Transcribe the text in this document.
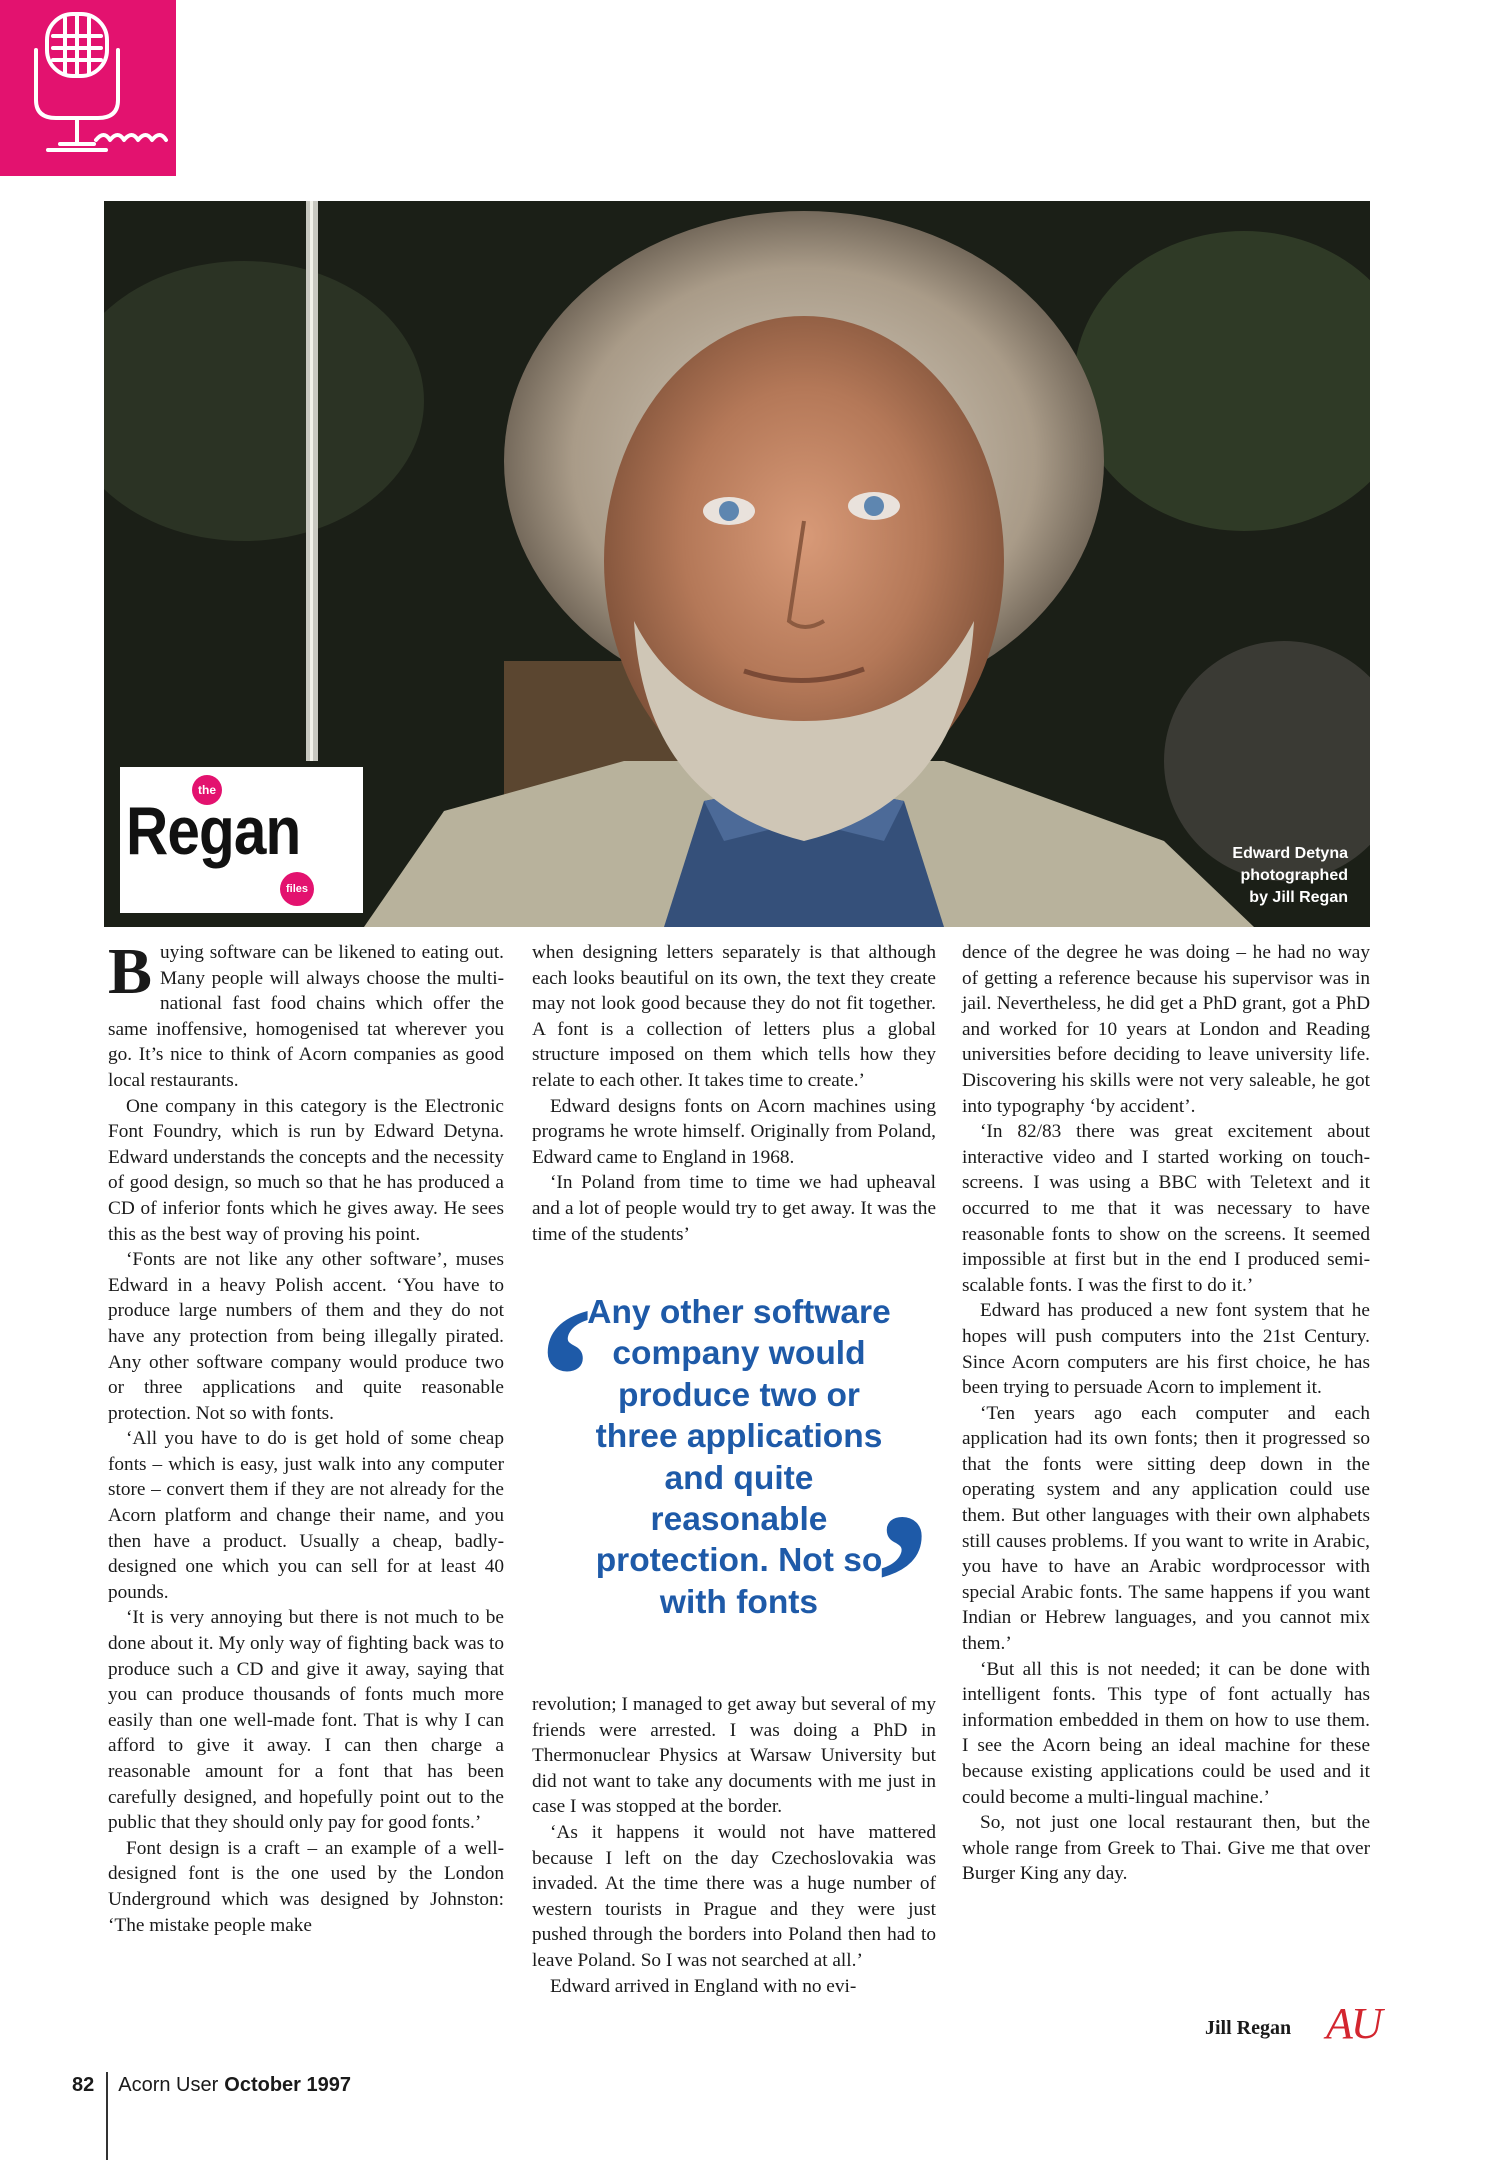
Edward Detyna
photographed
by Jill Regan
the
Regan
files

Buying software can be likened to eating out. Many people will always choose the multi-national fast food chains which offer the same inoffensive, homogenised tat wherever you go. It’s nice to think of Acorn companies as good local restaurants.

One company in this category is the Electronic Font Foundry, which is run by Edward Detyna. Edward understands the concepts and the necessity of good design, so much so that he has produced a CD of inferior fonts which he gives away. He sees this as the best way of proving his point.

‘Fonts are not like any other software’, muses Edward in a heavy Polish accent. ‘You have to produce large numbers of them and they do not have any protection from being illegally pirated. Any other software company would produce two or three applications and quite reasonable protection. Not so with fonts.

‘All you have to do is get hold of some cheap fonts – which is easy, just walk into any computer store – convert them if they are not already for the Acorn platform and change their name, and you then have a product. Usually a cheap, badly-designed one which you can sell for at least 40 pounds.

‘It is very annoying but there is not much to be done about it. My only way of fighting back was to produce such a CD and give it away, saying that you can produce thousands of fonts much more easily than one well-made font. That is why I can afford to give it away. I can then charge a reasonable amount for a font that has been carefully designed, and hopefully point out to the public that they should only pay for good fonts.’

Font design is a craft – an example of a well-designed font is the one used by the London Underground which was designed by Johnston: ‘The mistake people make

when designing letters separately is that although each looks beautiful on its own, the text they create may not look good because they do not fit together. A font is a collection of letters plus a global structure imposed on them which tells how they relate to each other. It takes time to create.’

Edward designs fonts on Acorn machines using programs he wrote himself. Originally from Poland, Edward came to England in 1968.

‘In Poland from time to time we had upheaval and a lot of people would try to get away. It was the time of the students’

‘
Any other software company would produce two or three applications and quite reasonable protection. Not so with fonts ’

revolution; I managed to get away but several of my friends were arrested. I was doing a PhD in Thermonuclear Physics at Warsaw University but did not want to take any documents with me just in case I was stopped at the border.

‘As it happens it would not have mattered because I left on the day Czechoslovakia was invaded. At the time there was a huge number of western tourists in Prague and they were just pushed through the borders into Poland then had to leave Poland. So I was not searched at all.’

Edward arrived in England with no evi-

dence of the degree he was doing – he had no way of getting a reference because his supervisor was in jail. Nevertheless, he did get a PhD grant, got a PhD and worked for 10 years at London and Reading universities before deciding to leave university life. Discovering his skills were not very saleable, he got into typography ‘by accident’.

‘In 82/83 there was great excitement about interactive video and I started working on touch-screens. I was using a BBC with Teletext and it occurred to me that it was necessary to have reasonable fonts to show on the screens. It seemed impossible at first but in the end I produced semi-scalable fonts. I was the first to do it.’

Edward has produced a new font system that he hopes will push computers into the 21st Century. Since Acorn computers are his first choice, he has been trying to persuade Acorn to implement it.

‘Ten years ago each computer and each application had its own fonts; then it progressed so that the fonts were sitting deep down in the operating system and any application could use them. But other languages with their own alphabets still causes problems. If you want to write in Arabic, you have to have an Arabic wordprocessor with special Arabic fonts. The same happens if you want Indian or Hebrew languages, and you cannot mix them.’

‘But all this is not needed; it can be done with intelligent fonts. This type of font actually has information embedded in them on how to use them. I see the Acorn being an ideal machine for these because existing applications could be used and it could become a multi-lingual machine.’

So, not just one local restaurant then, but the whole range from Greek to Thai. Give me that over Burger King any day.

Jill Regan AU
82 Acorn User October 1997
